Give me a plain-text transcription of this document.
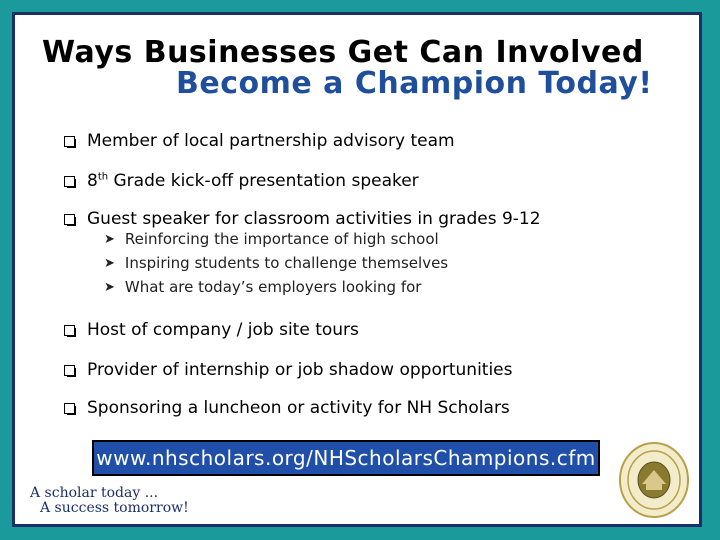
Ways Businesses Get Can Involved
Become a Champion Today!
Member of local partnership advisory team
8th Grade kick-off presentation speaker
Guest speaker for classroom activities in grades 9-12
➤ Reinforcing the importance of high school
➤ Inspiring students to challenge themselves
➤ What are today’s employers looking for
Host of company / job site tours
Provider of internship or job shadow opportunities
Sponsoring a luncheon or activity for NH Scholars
www.nhscholars.org/NHScholarsChampions.cfm
A scholar today ...
A success tomorrow!
